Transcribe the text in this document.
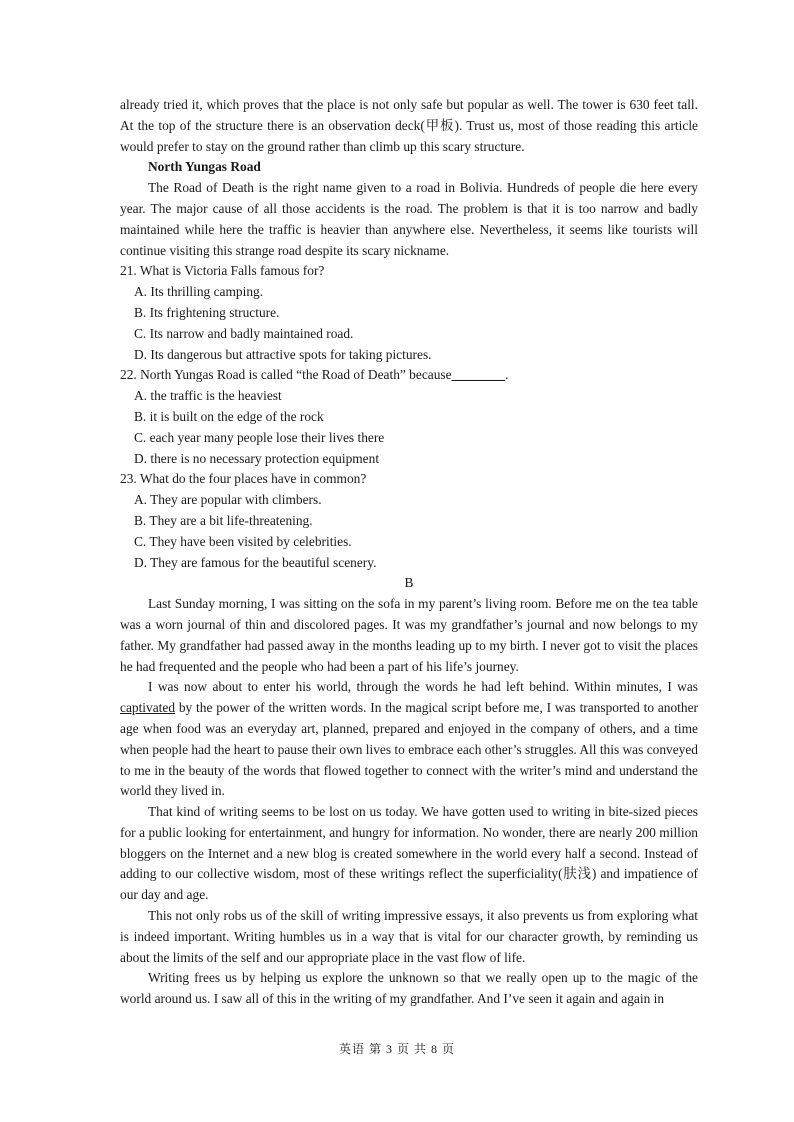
already tried it, which proves that the place is not only safe but popular as well. The tower is 630 feet tall. At the top of the structure there is an observation deck(甲板). Trust us, most of those reading this article would prefer to stay on the ground rather than climb up this scary structure.

North Yungas Road

The Road of Death is the right name given to a road in Bolivia. Hundreds of people die here every year. The major cause of all those accidents is the road. The problem is that it is too narrow and badly maintained while here the traffic is heavier than anywhere else. Nevertheless, it seems like tourists will continue visiting this strange road despite its scary nickname.

21. What is Victoria Falls famous for?

A. Its thrilling camping.

B. Its frightening structure.

C. Its narrow and badly maintained road.

D. Its dangerous but attractive spots for taking pictures.

22. North Yungas Road is called “the Road of Death” because________.

A. the traffic is the heaviest

B. it is built on the edge of the rock

C. each year many people lose their lives there

D. there is no necessary protection equipment

23. What do the four places have in common?

A. They are popular with climbers.

B. They are a bit life-threatening.

C. They have been visited by celebrities.

D. They are famous for the beautiful scenery.

B

Last Sunday morning, I was sitting on the sofa in my parent’s living room. Before me on the tea table was a worn journal of thin and discolored pages. It was my grandfather’s journal and now belongs to my father. My grandfather had passed away in the months leading up to my birth. I never got to visit the places he had frequented and the people who had been a part of his life’s journey.

I was now about to enter his world, through the words he had left behind. Within minutes, I was captivated by the power of the written words. In the magical script before me, I was transported to another age when food was an everyday art, planned, prepared and enjoyed in the company of others, and a time when people had the heart to pause their own lives to embrace each other’s struggles. All this was conveyed to me in the beauty of the words that flowed together to connect with the writer’s mind and understand the world they lived in.

That kind of writing seems to be lost on us today. We have gotten used to writing in bite-sized pieces for a public looking for entertainment, and hungry for information. No wonder, there are nearly 200 million bloggers on the Internet and a new blog is created somewhere in the world every half a second. Instead of adding to our collective wisdom, most of these writings reflect the superficiality(肤浅) and impatience of our day and age.

This not only robs us of the skill of writing impressive essays, it also prevents us from exploring what is indeed important. Writing humbles us in a way that is vital for our character growth, by reminding us about the limits of the self and our appropriate place in the vast flow of life.

Writing frees us by helping us explore the unknown so that we really open up to the magic of the world around us. I saw all of this in the writing of my grandfather. And I’ve seen it again and again in

英语 第 3 页 共 8 页
